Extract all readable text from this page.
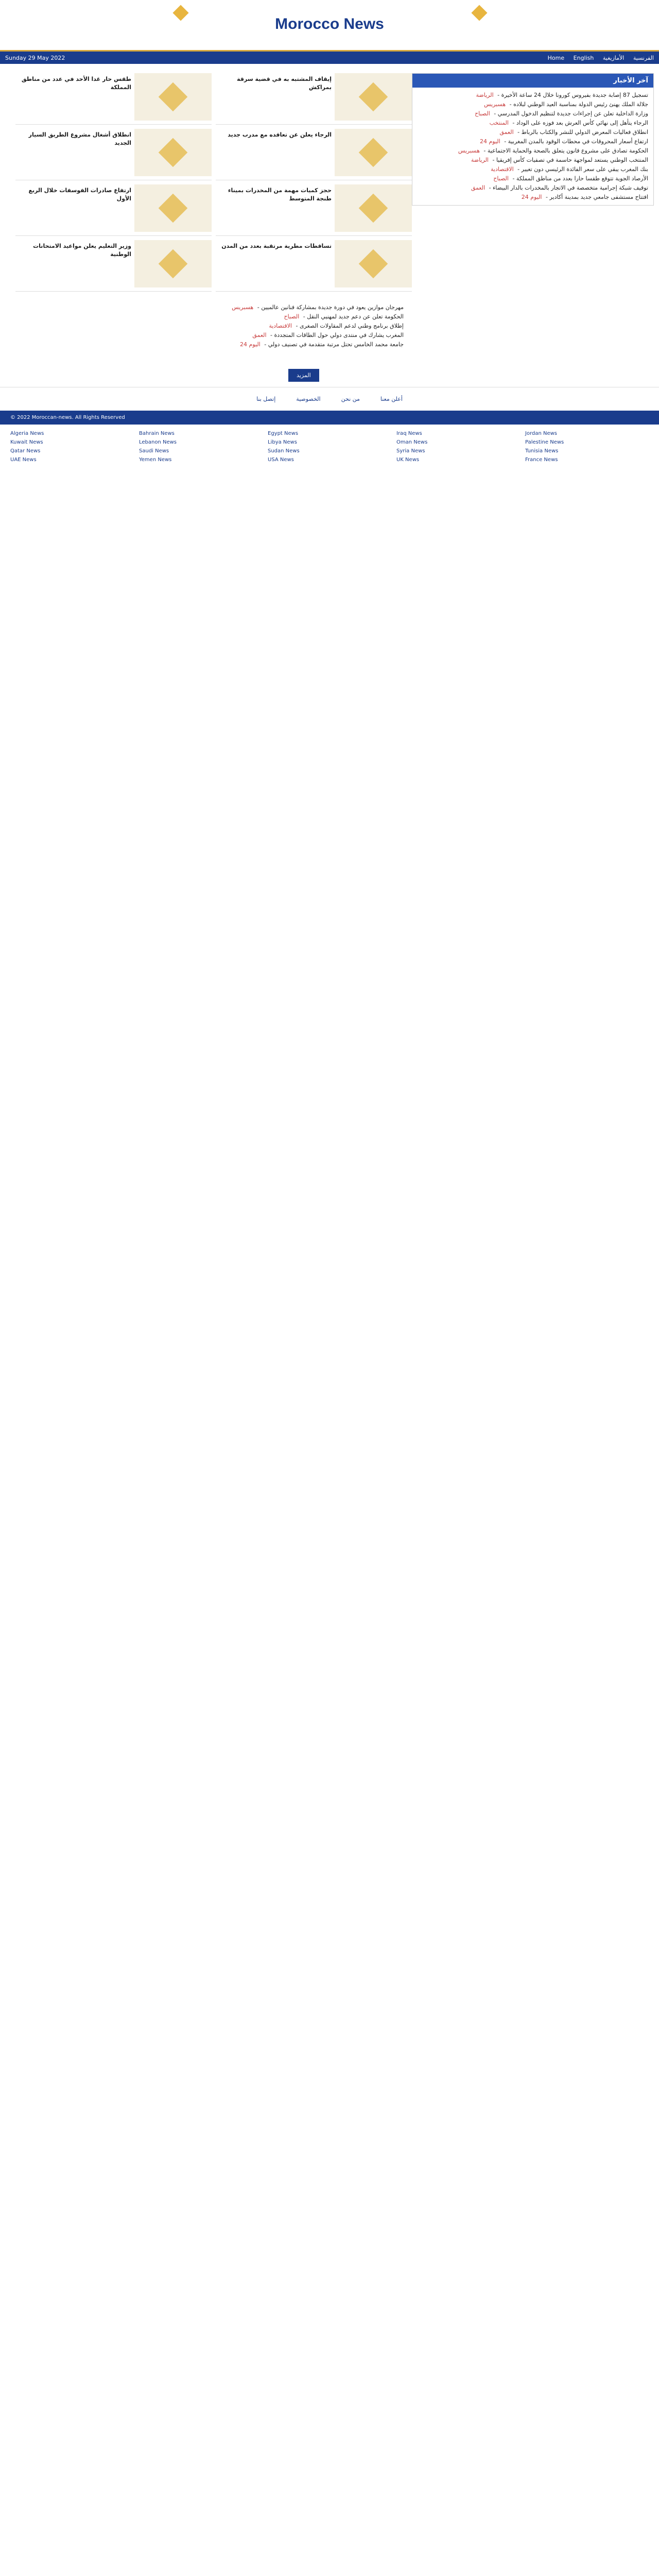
Morocco News
Sunday 29 May 2022	Home English	الفرنسية الأمازيغية
آخر الأخبار
تسجيل 87 إصابة جديدة بفيروس كورونا خلال 24 ساعة الأخيرة - الرياضة
جلالة الملك يهنئ رئيس الدولة بمناسبة العيد الوطني لبلاده - هسبريس
وزارة الداخلية تعلن عن إجراءات جديدة لتنظيم الدخول المدرسي - الصباح
الرجاء يتأهل إلى نهائي كأس العرش بعد فوزه على الوداد - المنتخب
انطلاق فعاليات المعرض الدولي للنشر والكتاب بالرباط - العمق
ارتفاع أسعار المحروقات في محطات الوقود بالمدن المغربية - اليوم 24
الحكومة تصادق على مشروع قانون يتعلق بالصحة والحماية الاجتماعية - هسبريس
المنتخب الوطني يستعد لمواجهة حاسمة في تصفيات كأس إفريقيا - الرياضة
بنك المغرب يبقي على سعر الفائدة الرئيسي دون تغيير - الاقتصادية
الأرصاد الجوية تتوقع طقسا حارا بعدد من مناطق المملكة - الصباح
توقيف شبكة إجرامية متخصصة في الاتجار بالمخدرات بالدار البيضاء - العمق
افتتاح مستشفى جامعي جديد بمدينة أكادير - اليوم 24
طقس حار غدا الأحد في عدد من مناطق المملكة
إيقاف المشتبه به في قضية سرقة بمراكش
انطلاق أشغال مشروع الطريق السيار الجديد
الرجاء يعلن عن تعاقده مع مدرب جديد
ارتفاع صادرات الفوسفات خلال الربع الأول
حجز كميات مهمة من المخدرات بميناء طنجة المتوسط
وزير التعليم يعلن مواعيد الامتحانات الوطنية
تساقطات مطرية مرتقبة بعدد من المدن
مهرجان موازين يعود في دورة جديدة بمشاركة فنانين عالميين - هسبريس
الحكومة تعلن عن دعم جديد لمهنيي النقل - الصباح
إطلاق برنامج وطني لدعم المقاولات الصغرى - الاقتصادية
المغرب يشارك في منتدى دولي حول الطاقات المتجددة - العمق
جامعة محمد الخامس تحتل مرتبة متقدمة في تصنيف دولي - اليوم 24
المزيد
إتصل بنا	الخصوصية	من نحن	أعلن معنا
© 2022 Moroccan-news. All Rights Reserved
Algeria News	Bahrain News	Egypt News	Iraq News	Jordan News
Kuwait News	Lebanon News	Libya News	Oman News	Palestine News
Qatar News	Saudi News	Sudan News	Syria News	Tunisia News
UAE News	Yemen News	USA News	UK News	France News
